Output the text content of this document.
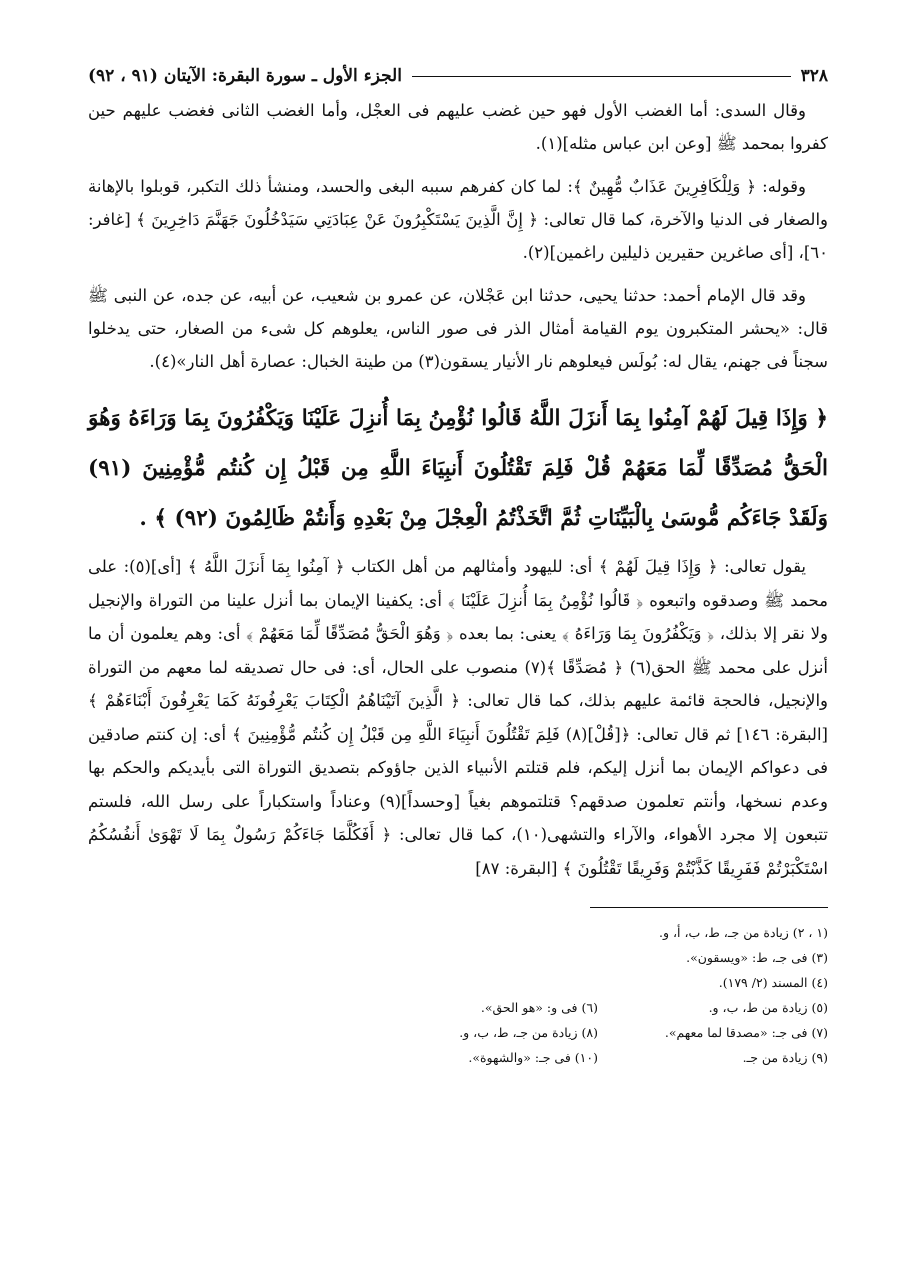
٣٢٨
الجزء الأول ـ سورة البقرة: الآيتان (٩١ ، ٩٢)

وقال السدى: أما الغضب الأول فهو حين غضب عليهم فى العجْل، وأما الغضب الثانى فغضب عليهم حين كفروا بمحمد ﷺ [وعن ابن عباس مثله](١).

وقوله: ﴿ وَلِلْكَافِرِينَ عَذَابٌ مُّهِينٌ ﴾: لما كان كفرهم سببه البغى والحسد، ومنشأ ذلك التكبر، قوبلوا بالإهانة والصغار فى الدنيا والآخرة، كما قال تعالى: ﴿ إِنَّ الَّذِينَ يَسْتَكْبِرُونَ عَنْ عِبَادَتِي سَيَدْخُلُونَ جَهَنَّمَ دَاخِرِينَ ﴾ [غافر: ٦٠]، [أى صاغرين حقيرين ذليلين راغمين](٢).

وقد قال الإمام أحمد: حدثنا يحيى، حدثنا ابن عَجْلان، عن عمرو بن شعيب، عن أبيه، عن جده، عن النبى ﷺ قال: «يحشر المتكبرون يوم القيامة أمثال الذر فى صور الناس، يعلوهم كل شىء من الصغار، حتى يدخلوا سجناً فى جهنم، يقال له: بُولَس فيعلوهم نار الأنيار يسقون(٣) من طينة الخبال: عصارة أهل النار»(٤).

﴿ وَإِذَا قِيلَ لَهُمْ آمِنُوا بِمَا أَنزَلَ اللَّهُ قَالُوا نُؤْمِنُ بِمَا أُنزِلَ عَلَيْنَا وَيَكْفُرُونَ بِمَا وَرَاءَهُ وَهُوَ الْحَقُّ مُصَدِّقًا لِّمَا مَعَهُمْ قُلْ فَلِمَ تَقْتُلُونَ أَنبِيَاءَ اللَّهِ مِن قَبْلُ إِن كُنتُم مُّؤْمِنِينَ (٩١) وَلَقَدْ جَاءَكُم مُّوسَىٰ بِالْبَيِّنَاتِ ثُمَّ اتَّخَذْتُمُ الْعِجْلَ مِنْ بَعْدِهِ وَأَنتُمْ ظَالِمُونَ (٩٢) ﴾ .

يقول تعالى: ﴿ وَإِذَا قِيلَ لَهُمْ ﴾ أى: لليهود وأمثالهم من أهل الكتاب ﴿ آمِنُوا بِمَا أَنزَلَ اللَّهُ ﴾ [أى](٥): على محمد ﷺ وصدقوه واتبعوه ﴿ قَالُوا نُؤْمِنُ بِمَا أُنزِلَ عَلَيْنَا ﴾ أى: يكفينا الإيمان بما أنزل علينا من التوراة والإنجيل ولا نقر إلا بذلك، ﴿ وَيَكْفُرُونَ بِمَا وَرَاءَهُ ﴾ يعنى: بما بعده ﴿ وَهُوَ الْحَقُّ مُصَدِّقًا لِّمَا مَعَهُمْ ﴾ أى: وهم يعلمون أن ما أنزل على محمد ﷺ الحق(٦) ﴿ مُصَدِّقًا ﴾(٧) منصوب على الحال، أى: فى حال تصديقه لما معهم من التوراة والإنجيل، فالحجة قائمة عليهم بذلك، كما قال تعالى: ﴿ الَّذِينَ آتَيْنَاهُمُ الْكِتَابَ يَعْرِفُونَهُ كَمَا يَعْرِفُونَ أَبْنَاءَهُمْ ﴾ [البقرة: ١٤٦] ثم قال تعالى: ﴿[قُلْ](٨) فَلِمَ تَقْتُلُونَ أَنبِيَاءَ اللَّهِ مِن قَبْلُ إِن كُنتُم مُّؤْمِنِينَ ﴾ أى: إن كنتم صادقين فى دعواكم الإيمان بما أنزل إليكم، فلم قتلتم الأنبياء الذين جاؤوكم بتصديق التوراة التى بأيديكم والحكم بها وعدم نسخها، وأنتم تعلمون صدقهم؟ قتلتموهم بغياً [وحسداً](٩) وعناداً واستكباراً على رسل الله، فلستم تتبعون إلا مجرد الأهواء، والآراء والتشهى(١٠)، كما قال تعالى: ﴿ أَفَكُلَّمَا جَاءَكُمْ رَسُولٌ بِمَا لَا تَهْوَىٰ أَنفُسُكُمُ اسْتَكْبَرْتُمْ فَفَرِيقًا كَذَّبْتُمْ وَفَرِيقًا تَقْتُلُونَ ﴾ [البقرة: ٨٧]

(١ ، ٢) زيادة من جـ، ط، ب، أ، و.
(٣) فى جـ، ط: «ويسقون».
(٤) المسند (٢/ ١٧٩).
(٥) زيادة من ط، ب، و.
(٦) فى و: «هو الحق».
(٧) فى جـ: «مصدقا لما معهم».
(٨) زيادة من جـ، ط، ب، و.
(٩) زيادة من جـ.
(١٠) فى جـ: «والشهوة».
